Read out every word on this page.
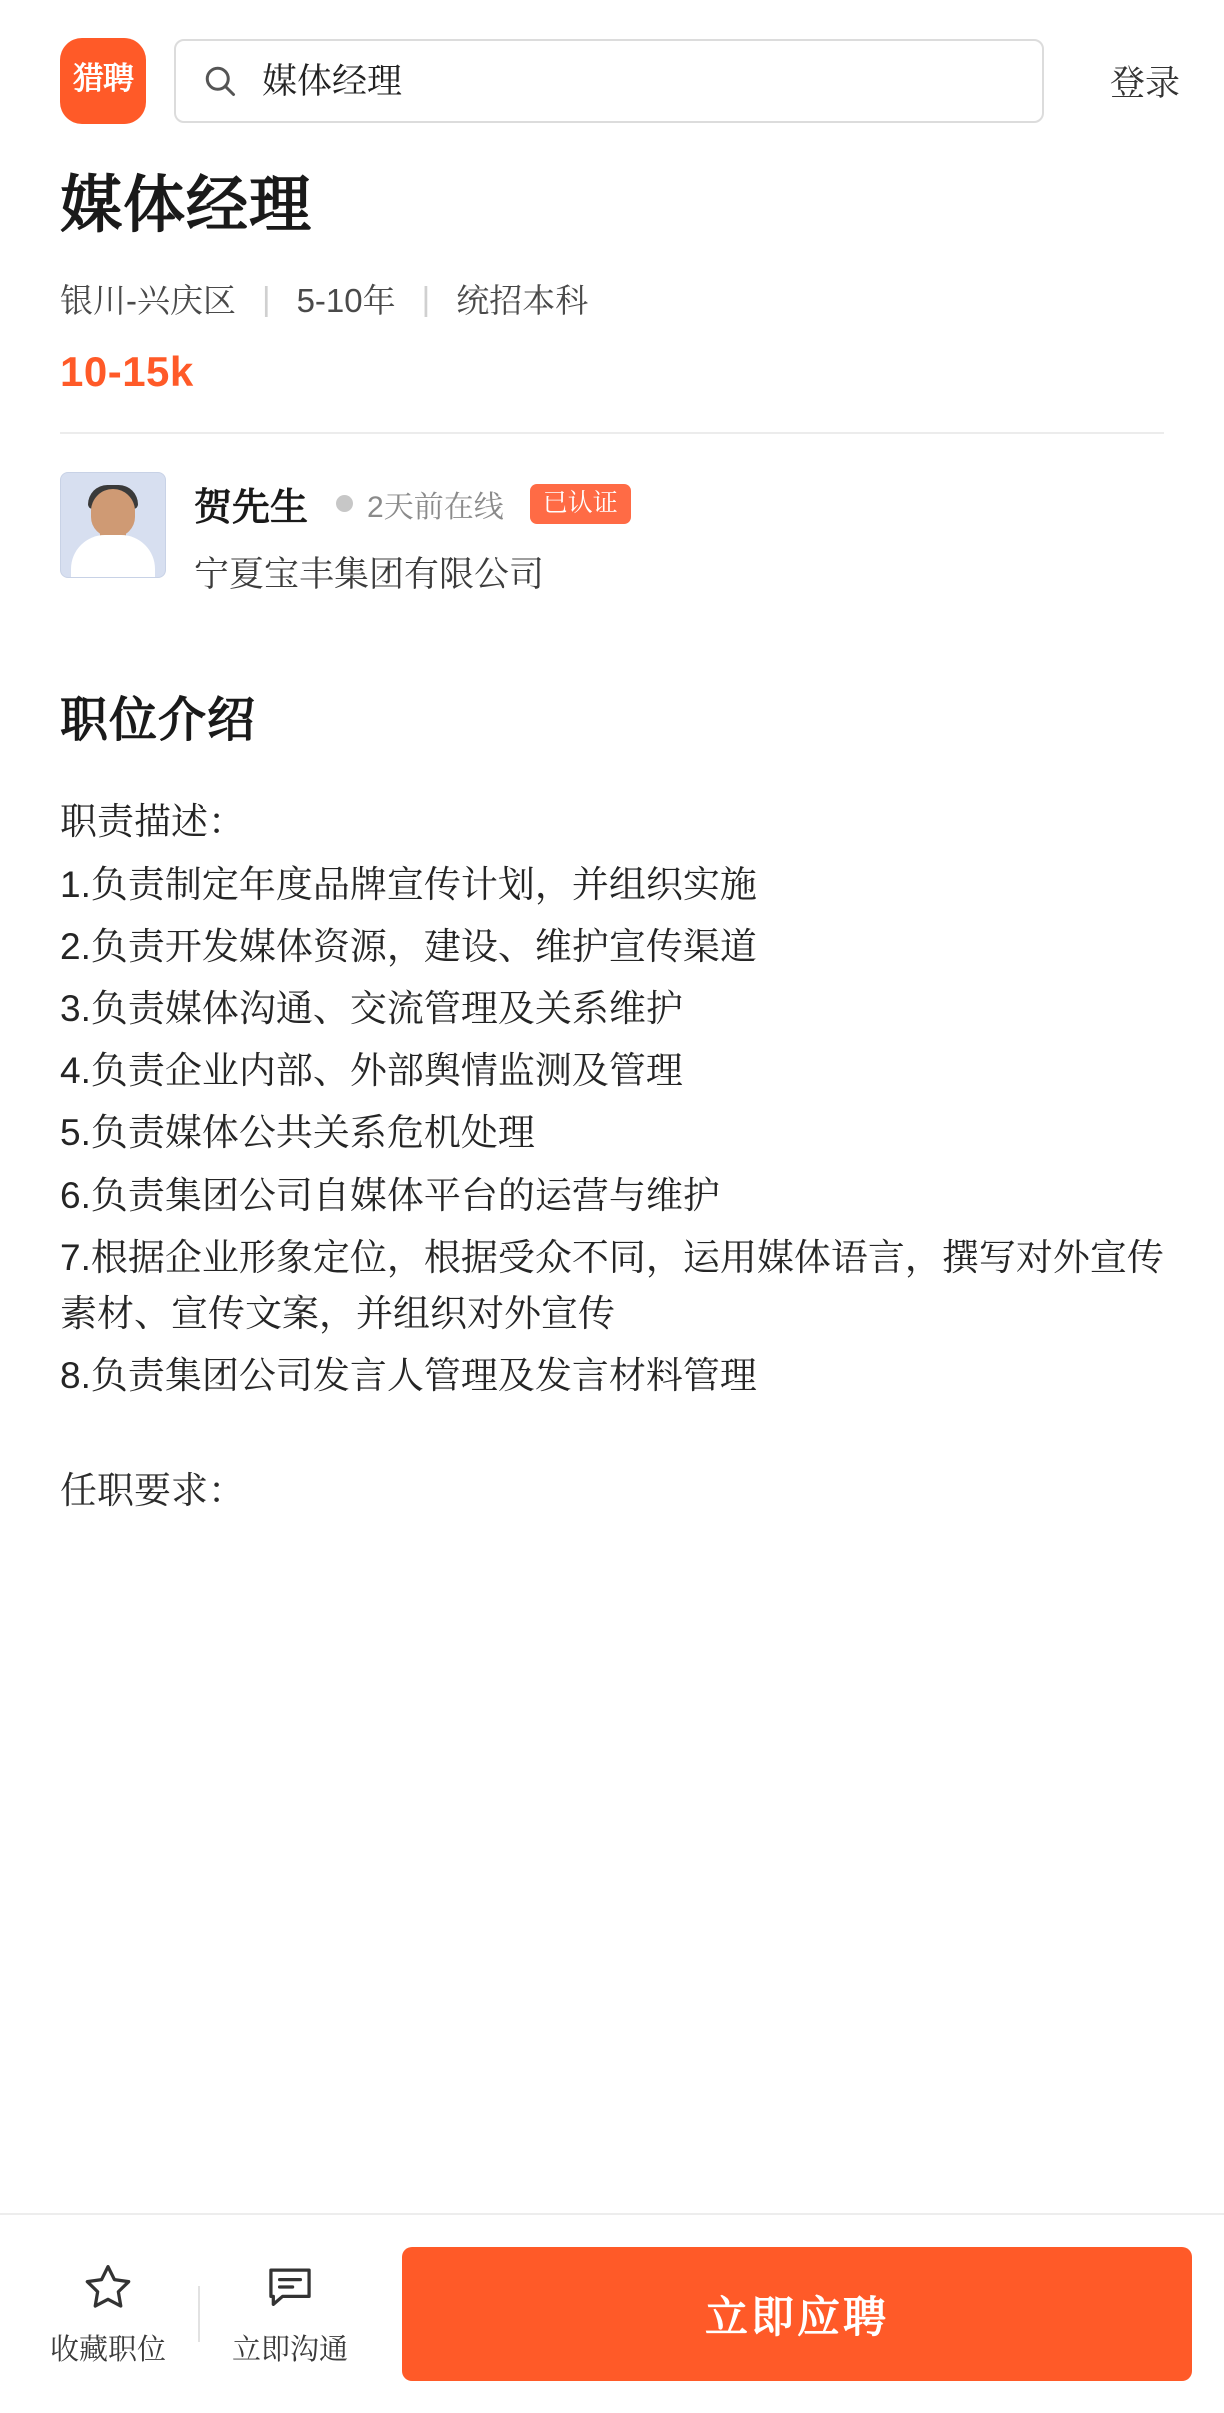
猎聘	媒体经理	登录
媒体经理
银川-兴庆区 | 5-10年 | 统招本科
10-15k
贺先生 2天前在线	已认证
宁夏宝丰集团有限公司
职位介绍

职责描述：

1.负责制定年度品牌宣传计划，并组织实施

2.负责开发媒体资源，建设、维护宣传渠道

3.负责媒体沟通、交流管理及关系维护

4.负责企业内部、外部舆情监测及管理

5.负责媒体公共关系危机处理

6.负责集团公司自媒体平台的运营与维护

7.根据企业形象定位，根据受众不同，运用媒体语言，撰写对外宣传素材、宣传文案，并组织对外宣传

8.负责集团公司发言人管理及发言材料管理

任职要求：

收藏职位 立即沟通
立即应聘
